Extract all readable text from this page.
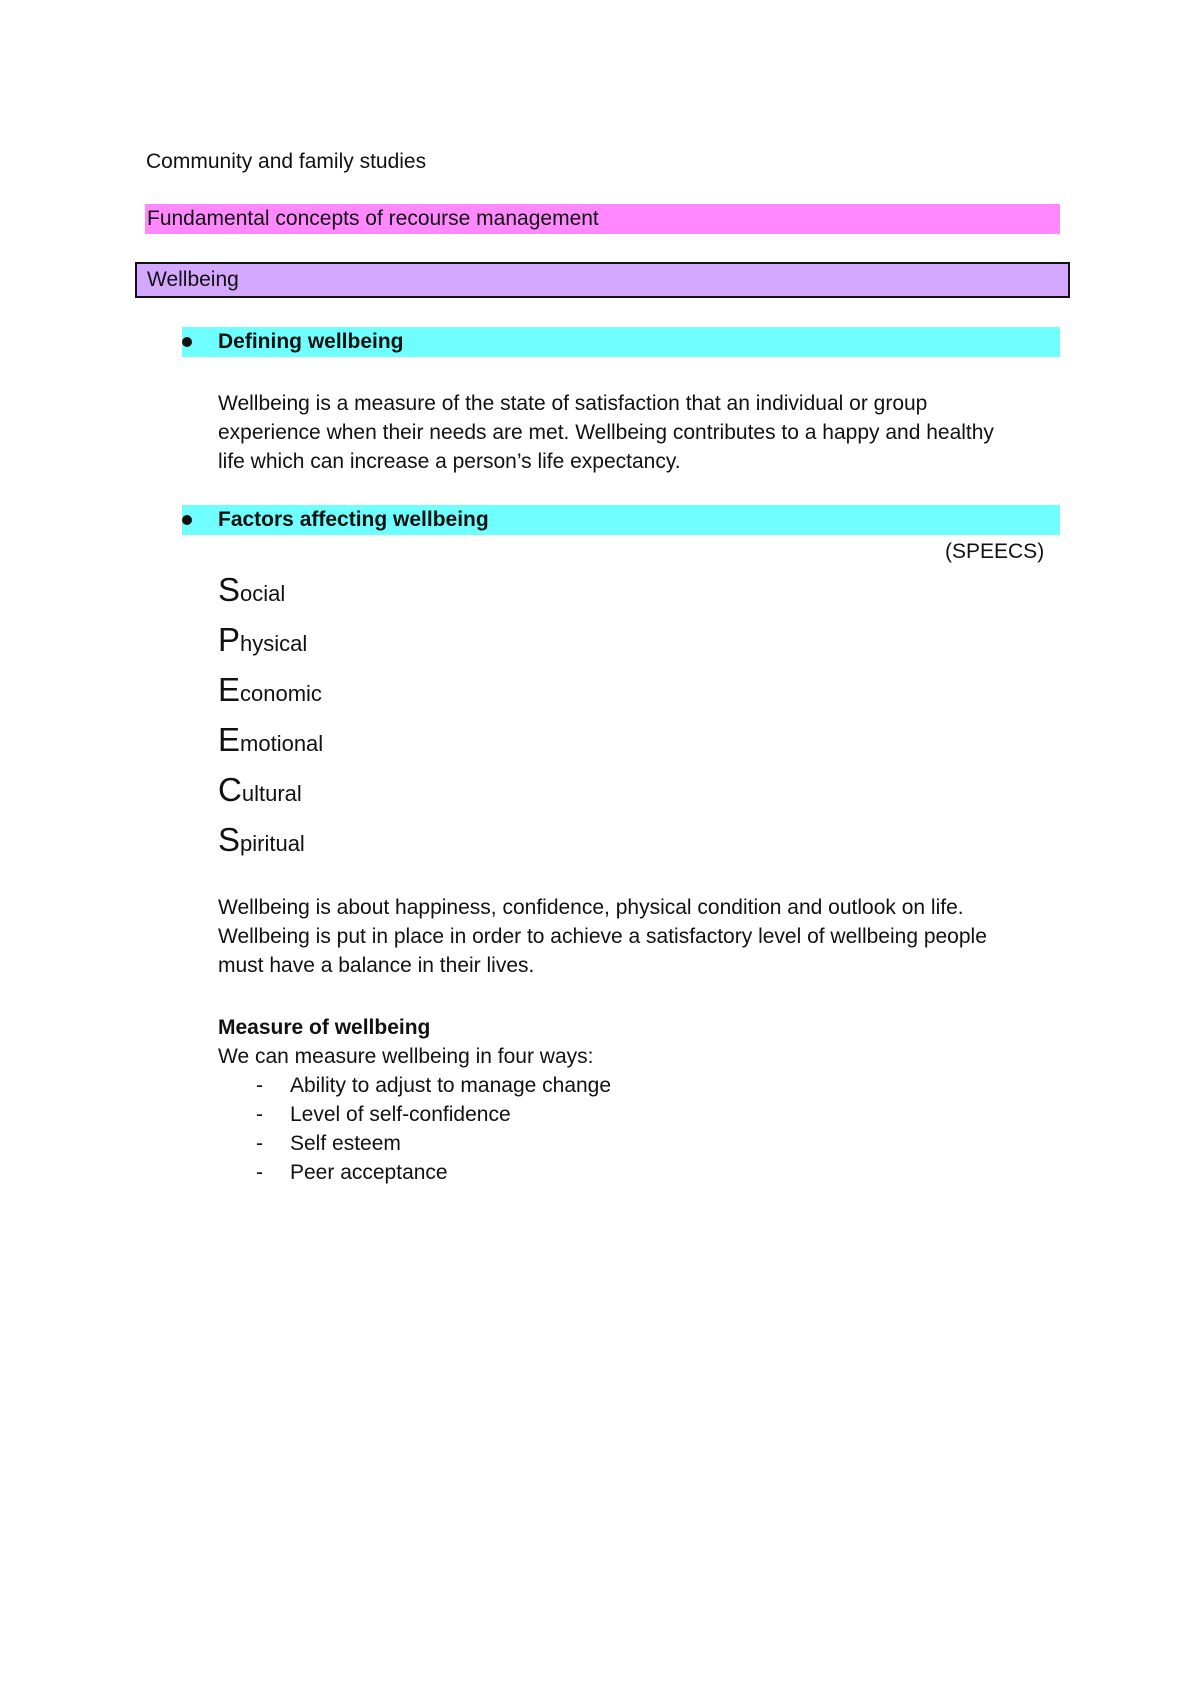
Community and family studies
Fundamental concepts of recourse management
Wellbeing
Defining wellbeing
Wellbeing is a measure of the state of satisfaction that an individual or group
experience when their needs are met. Wellbeing contributes to a happy and healthy
life which can increase a person’s life expectancy.
Factors affecting wellbeing
(SPEECS)
Social
Physical
Economic
Emotional
Cultural
Spiritual
Wellbeing is about happiness, confidence, physical condition and outlook on life.
Wellbeing is put in place in order to achieve a satisfactory level of wellbeing people
must have a balance in their lives.
Measure of wellbeing
We can measure wellbeing in four ways:
-	Ability to adjust to manage change
-	Level of self-confidence
-	Self esteem
-	Peer acceptance
